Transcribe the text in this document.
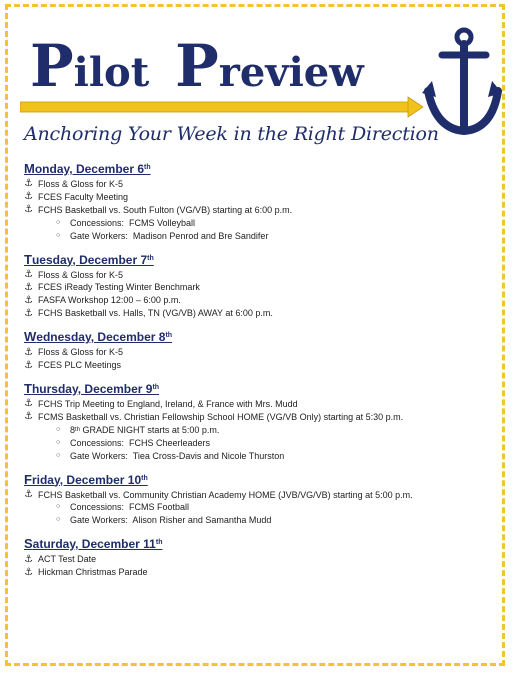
Pilot Preview
Anchoring Your Week in the Right Direction
Monday, December 6th
⚓ Floss & Gloss for K-5
⚓ FCES Faculty Meeting
⚓ FCHS Basketball vs. South Fulton (VG/VB) starting at 6:00 p.m.
○	Concessions:  FCMS Volleyball
○	Gate Workers:  Madison Penrod and Bre Sandifer
Tuesday, December 7th
⚓ Floss & Gloss for K-5
⚓ FCES iReady Testing Winter Benchmark
⚓ FASFA Workshop 12:00 – 6:00 p.m.
⚓ FCHS Basketball vs. Halls, TN (VG/VB) AWAY at 6:00 p.m.
Wednesday, December 8th
⚓ Floss & Gloss for K-5
⚓ FCES PLC Meetings
Thursday, December 9th
⚓ FCHS Trip Meeting to England, Ireland, & France with Mrs. Mudd
⚓ FCMS Basketball vs. Christian Fellowship School HOME (VG/VB Only) starting at 5:30 p.m.
○	8 th GRADE NIGHT starts at 5:00 p.m.
○	Concessions:  FCHS Cheerleaders
○	Gate Workers:  Tiea Cross-Davis and Nicole Thurston
Friday, December 10th
⚓ FCHS Basketball vs. Community Christian Academy HOME (JVB/VG/VB) starting at 5:00 p.m.
○	Concessions:  FCMS Football
○	Gate Workers:  Alison Risher and Samantha Mudd
Saturday, December 11th
⚓ ACT Test Date
⚓ Hickman Christmas Parade
